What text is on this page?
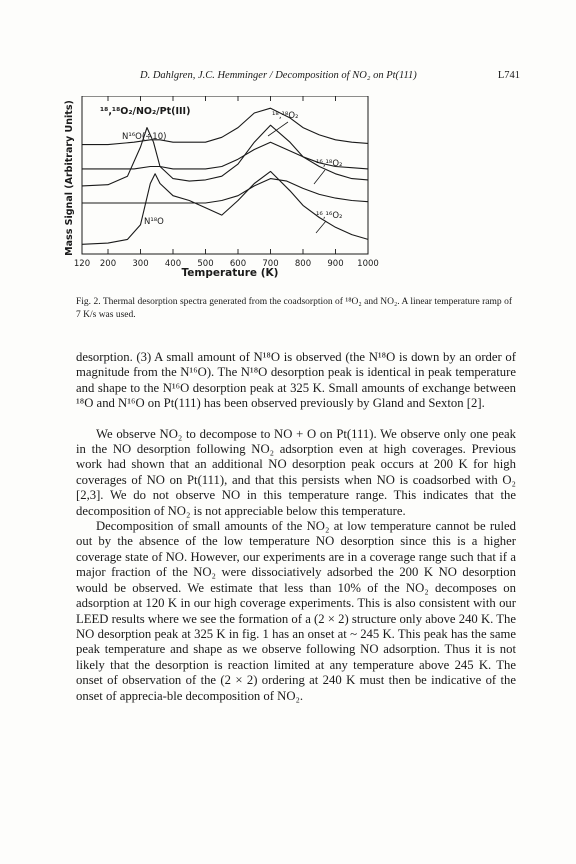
D. Dahlgren, J.C. Hemminger / Decomposition of NO₂ on Pt(111)	L741
120 200 300 400 500 600 700 800 900 1000
Temperature (K)
Mass Signal (Arbitrary Units)	¹⁸,¹⁸O₂/NO₂/Pt(III)	¹⁸,¹⁸O₂
N¹⁶O(÷10)
¹⁶,¹⁸O₂
¹⁶,¹⁶O₂
N¹⁸O
Fig. 2. Thermal desorption spectra generated from the coadsorption of ¹⁸O₂ and NO₂. A linear temperature ramp of 7 K/s was used.

desorption. (3) A small amount of N¹⁸O is observed (the N¹⁸O is down by an order of magnitude from the N¹⁶O). The N¹⁸O desorption peak is identical in peak temperature and shape to the N¹⁶O desorption peak at 325 K. Small amounts of exchange between ¹⁸O and N¹⁶O on Pt(111) has been observed previously by Gland and Sexton [2].

We observe NO₂ to decompose to NO + O on Pt(111). We observe only one peak in the NO desorption following NO₂ adsorption even at high coverages. Previous work had shown that an additional NO desorption peak occurs at 200 K for high coverages of NO on Pt(111), and that this persists when NO is coadsorbed with O₂ [2,3]. We do not observe NO in this temperature range. This indicates that the decomposition of NO₂ is not appreciable below this temperature.

Decomposition of small amounts of the NO₂ at low temperature cannot be ruled out by the absence of the low temperature NO desorption since this is a higher coverage state of NO. However, our experiments are in a coverage range such that if a major fraction of the NO₂ were dissociatively adsorbed the 200 K NO desorption would be observed. We estimate that less than 10% of the NO₂ decomposes on adsorption at 120 K in our high coverage experiments. This is also consistent with our LEED results where we see the formation of a (2 × 2) structure only above 240 K. The NO desorption peak at 325 K in fig. 1 has an onset at ~ 245 K. This peak has the same peak temperature and shape as we observe following NO adsorption. Thus it is not likely that the desorption is reaction limited at any temperature above 245 K. The onset of observation of the (2 × 2) ordering at 240 K must then be indicative of the onset of apprecia-ble decomposition of NO₂.
